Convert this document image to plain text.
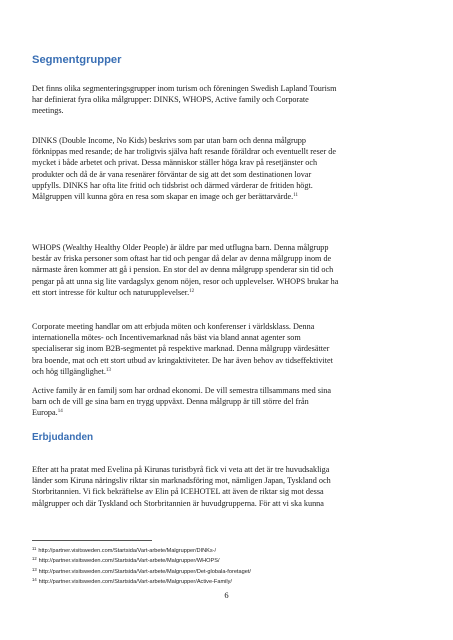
Segmentgrupper

Det finns olika segmenteringsgrupper inom turism och föreningen Swedish Lapland Tourism
har definierat fyra olika målgrupper: DINKS, WHOPS, Active family och Corporate
meetings.

DINKS (Double Income, No Kids) beskrivs som par utan barn och denna målgrupp
förknippas med resande; de har troligtvis själva haft resande föräldrar och eventuellt reser de
mycket i både arbetet och privat. Dessa människor ställer höga krav på resetjänster och
produkter och då de är vana resenärer förväntar de sig att det som destinationen lovar
uppfylls. DINKS har ofta lite fritid och tidsbrist och därmed värderar de fritiden högt.
Målgruppen vill kunna göra en resa som skapar en image och ger berättarvärde.$^{11}$

WHOPS (Wealthy Healthy Older People) är äldre par med utflugna barn. Denna målgrupp
består av friska personer som oftast har tid och pengar då delar av denna målgrupp inom de
närmaste åren kommer att gå i pension. En stor del av denna målgrupp spenderar sin tid och
pengar på att unna sig lite vardagslyx genom nöjen, resor och upplevelser. WHOPS brukar ha
ett stort intresse för kultur och naturupplevelser.$^{12}$

Corporate meeting handlar om att erbjuda möten och konferenser i världsklass. Denna
internationella mötes- och Incentivemarknad nås bäst via bland annat agenter som
specialiserar sig inom B2B-segmentet på respektive marknad. Denna målgrupp värdesätter
bra boende, mat och ett stort utbud av kringaktiviteter. De har även behov av tidseffektivitet
och hög tillgänglighet.$^{13}$

Active family är en familj som har ordnad ekonomi. De vill semestra tillsammans med sina
barn och de vill ge sina barn en trygg uppväxt. Denna målgrupp är till större del från
Europa.$^{14}$

Erbjudanden

Efter att ha pratat med Evelina på Kirunas turistbyrå fick vi veta att det är tre huvudsakliga
länder som Kiruna näringsliv riktar sin marknadsföring mot, nämligen Japan, Tyskland och
Storbritannien. Vi fick bekräftelse av Elin på ICEHOTEL att även de riktar sig mot dessa
målgrupper och där Tyskland och Storbritannien är huvudgrupperna. För att vi ska kunna

$^{11}$ http://partner.visitsweden.com/Startsida/Vart-arbete/Malgrupper/DINKs-/
$^{12}$ http://partner.visitsweden.com/Startsida/Vart-arbete/Malgrupper/WHOPS/
$^{13}$ http://partner.visitsweden.com/Startsida/Vart-arbete/Malgrupper/Det-globala-foretaget/
$^{14}$ http://partner.visitsweden.com/Startsida/Vart-arbete/Malgrupper/Active-Family/
6
